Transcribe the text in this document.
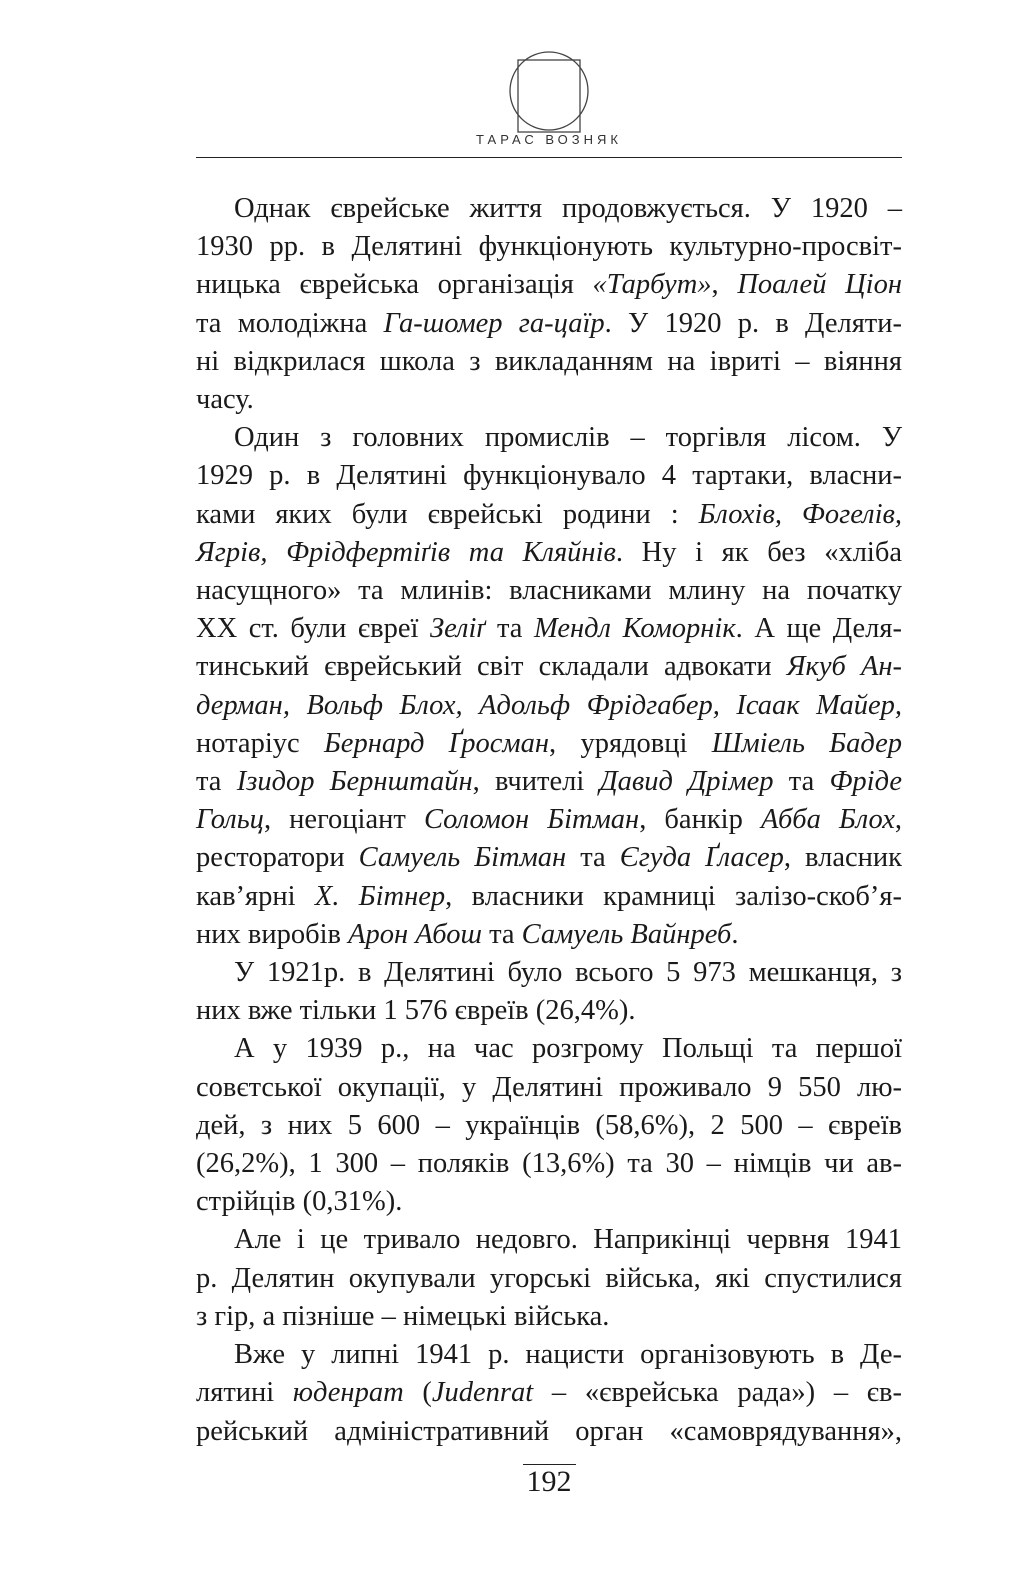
ТАРАС ВОЗНЯК
Однак єврейське життя продовжується. У 1920 –
1930 рр. в Делятині функціонують культурно-просвіт-
ницька єврейська організація «Тарбут», Поалей Ціон
та молодіжна Га-шомер га-цаїр. У 1920 р. в Деляти-
ні відкрилася школа з викладанням на івриті – віяння
часу.
Один з головних промислів – торгівля лісом. У
1929 р. в Делятині функціонувало 4 тартаки, власни-
ками яких були єврейські родини : Блохів, Фогелів,
Ягрів, Фрідфертіґів та Кляйнів. Ну і як без «хліба
насущного» та млинів: власниками млину на початку
ХХ ст. були євреї Зеліґ та Мендл Коморнік. А ще Деля-
тинський єврейський світ складали адвокати Якуб Ан-
дерман, Вольф Блох, Адольф Фрідгабер, Ісаак Майер,
нотаріус Бернард Ґросман, урядовці Шміель Бадер
та Ізидор Бернштайн, вчителі Давид Дрімер та Фріде
Гольц, негоціант Соломон Бітман, банкір Абба Блох,
ресторатори Самуель Бітман та Єгуда Ґласер, власник
кав’ярні Х. Бітнер, власники крамниці залізо-скоб’я-
них виробів Арон Абош та Самуель Вайнреб.
У 1921р. в Делятині було всього 5 973 мешканця, з
них вже тільки 1 576 євреїв (26,4%).
А у 1939 р., на час розгрому Польщі та першої
совєтської окупації, у Делятині проживало 9 550 лю-
дей, з них 5 600 – українців (58,6%), 2 500 – євреїв
(26,2%), 1 300 – поляків (13,6%) та 30 – німців чи ав-
стрійців (0,31%).
Але і це тривало недовго. Наприкінці червня 1941
р. Делятин окупували угорські війська, які спустилися
з гір, а пізніше – німецькі війська.
Вже у липні 1941 р. нацисти організовують в Де-
лятині юденрат (Judenrat – «єврейська рада») – єв-
рейський адміністративний орган «самоврядування»,
192
